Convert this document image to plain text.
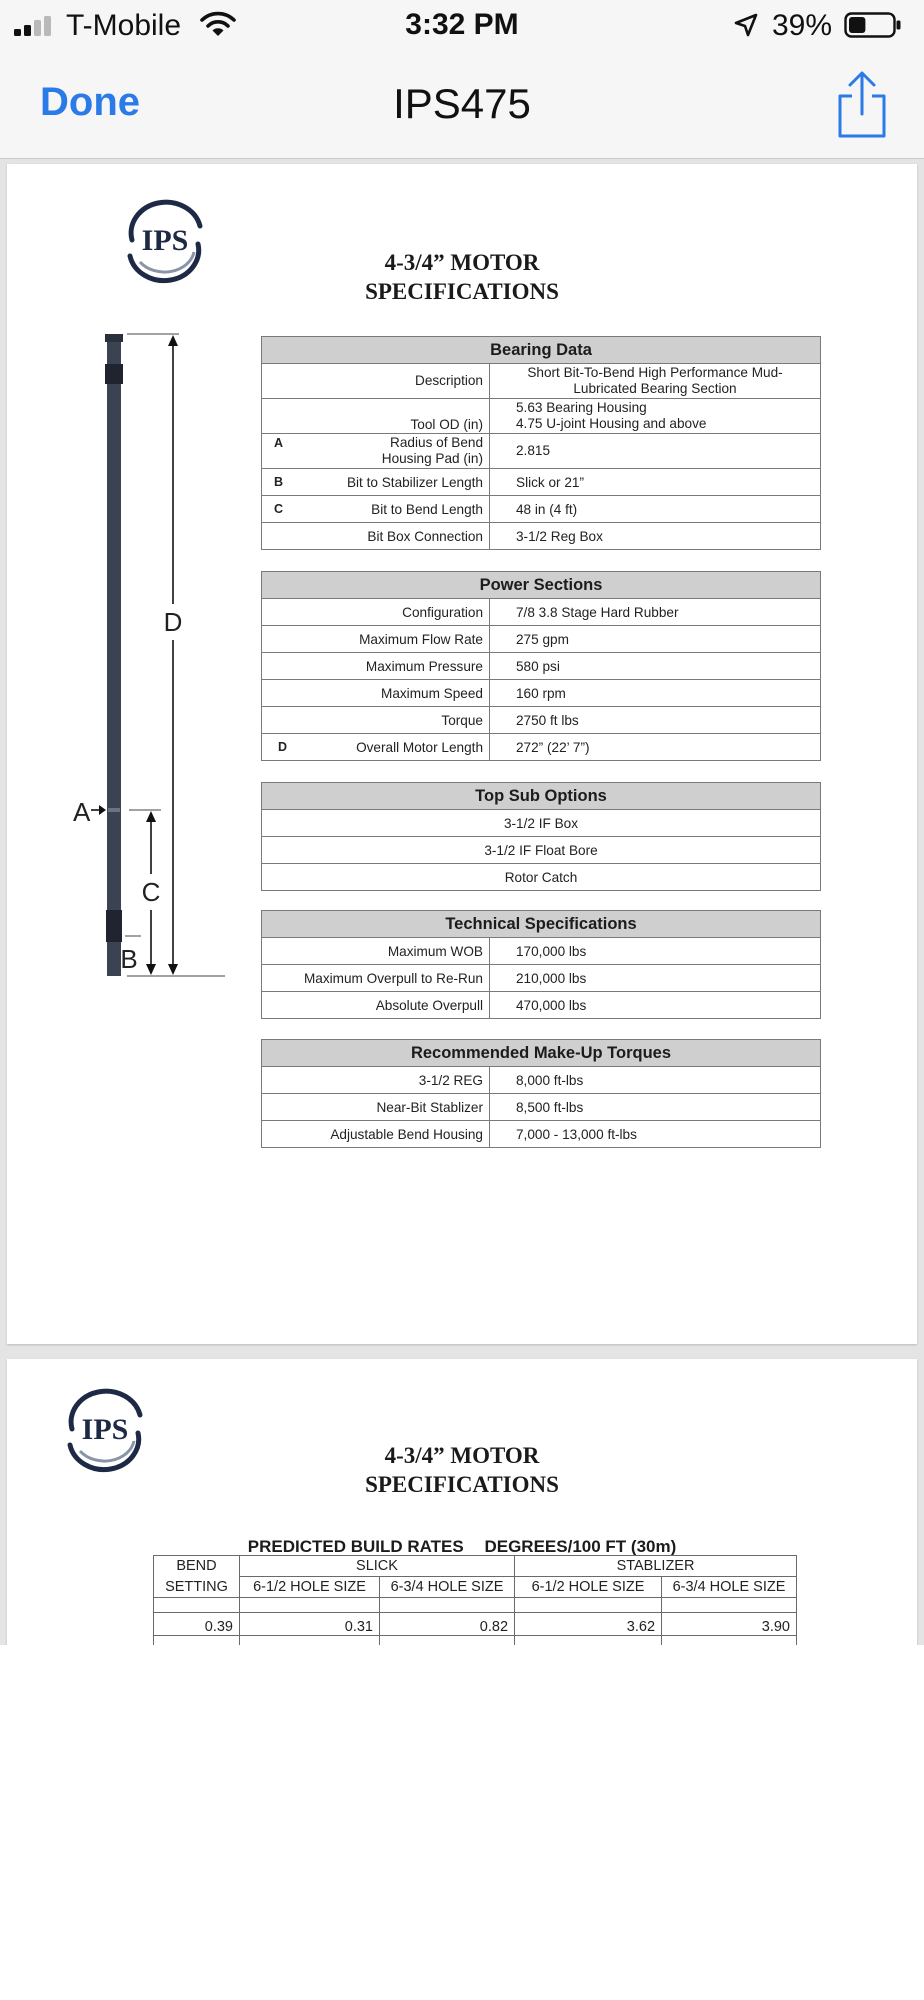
T-Mobile	3:32 PM	39%
Done	IPS475
IPS
4-3/4” MOTOR
SPECIFICATIONS
D
C
B
A
Bearing Data	
Description	Short Bit-To-Bend High Performance Mud-
Lubricated Bearing Section

Tool OD (in)	5.63 Bearing Housing
4.75 U-joint Housing and above

A Radius of Bend
Housing Pad (in)	2.815

B Bit to Stabilizer Length	Slick or 21”

C Bit to Bend Length	48 in (4 ft)
Bit Box Connection	3-1/2 Reg Box
Power Sections	
Configuration	7/8 3.8 Stage Hard Rubber
Maximum Flow Rate	275 gpm
Maximum Pressure	580 psi
Maximum Speed	160 rpm
Torque	2750 ft lbs

D Overall Motor Length	272” (22’ 7”)
Top Sub Options
3-1/2 IF Box
3-1/2 IF Float Bore
Rotor Catch
Technical Specifications	
Maximum WOB	170,000 lbs
Maximum Overpull to Re-Run	210,000 lbs
Absolute Overpull	470,000 lbs
Recommended Make-Up Torques	
3-1/2 REG	8,000 ft-lbs
Near-Bit Stablizer	8,500 ft-lbs
Adjustable Bend Housing	7,000 - 13,000 ft-lbs
IPS
4-3/4” MOTOR
SPECIFICATIONS
PREDICTED BUILD RATES DEGREES/100 FT (30m)
BEND	SLICK		STABLIZER	
SETTING	6-1/2 HOLE SIZE	6-3/4 HOLE SIZE	6-1/2 HOLE SIZE	6-3/4 HOLE SIZE

0.39	0.31	0.82	3.62	3.90
